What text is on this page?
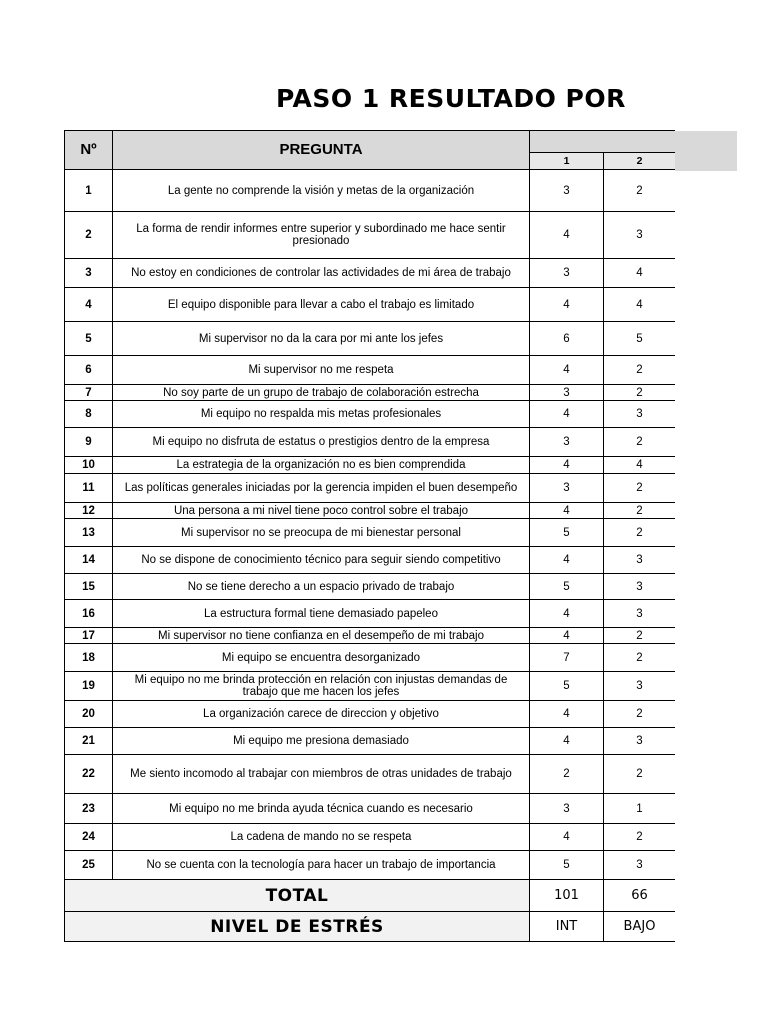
PASO 1 RESULTADO POR
Nº	PREGUNTA		
		1	2
1	La gente no comprende la visión y metas de la organización	3	2
2	La forma de rendir informes entre superior y subordinado me hace sentir presionado	4	3
3	No estoy en condiciones de controlar las actividades de mi área de trabajo	3	4
4	El equipo disponible para llevar a cabo el trabajo es limitado	4	4
5	Mi supervisor no da la cara por mi ante los jefes	6	5
6	Mi supervisor no me respeta	4	2
7	No soy parte de un grupo de trabajo de colaboración estrecha	3	2
8	Mi equipo no respalda mis metas profesionales	4	3
9	Mi equipo no disfruta de estatus o prestigios dentro de la empresa	3	2
10	La estrategia de la organización no es bien comprendida	4	4
11	Las políticas generales iniciadas por la gerencia impiden el buen desempeño	3	2
12	Una persona a mi nivel tiene poco control sobre el trabajo	4	2
13	Mi supervisor no se preocupa de mi bienestar personal	5	2
14	No se dispone de conocimiento técnico para seguir siendo competitivo	4	3
15	No se tiene derecho a un espacio privado de trabajo	5	3
16	La estructura formal tiene demasiado papeleo	4	3
17	Mi supervisor no tiene confianza en el desempeño de mi trabajo	4	2
18	Mi equipo se encuentra desorganizado	7	2
19	Mi equipo no me brinda protección en relación con injustas demandas de trabajo que me hacen los jefes	5	3
20	La organización carece de direccion y objetivo	4	2
21	Mi equipo me presiona demasiado	4	3
22	Me siento incomodo al trabajar con miembros de otras unidades de trabajo	2	2
23	Mi equipo no me brinda ayuda técnica cuando es necesario	3	1
24	La cadena de mando no se respeta	4	2
25	No se cuenta con la tecnología para hacer un trabajo de importancia	5	3
TOTAL		101	66
NIVEL DE ESTRÉS		INT	BAJO
